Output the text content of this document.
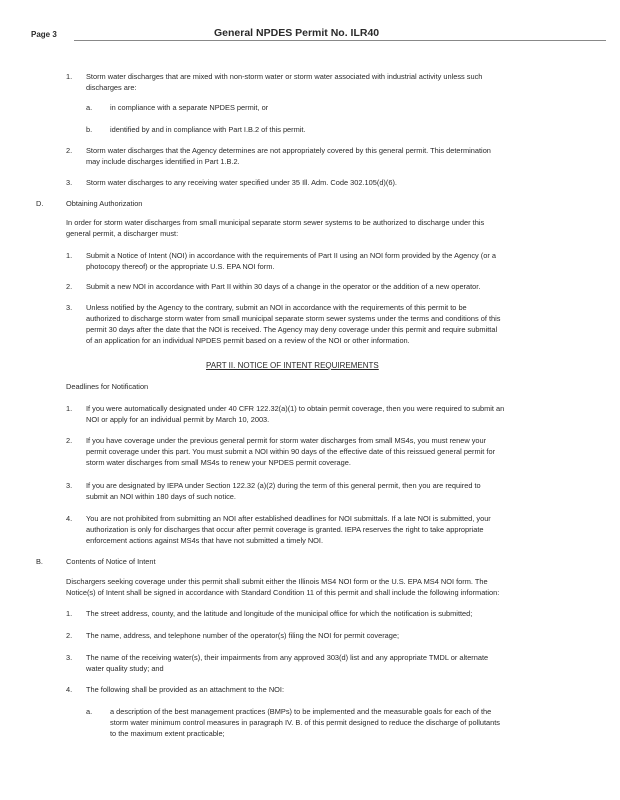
Page 3	General NPDES Permit No. ILR40
1. Storm water discharges that are mixed with non-storm water or storm water associated with industrial activity unless such
discharges are:
a. in compliance with a separate NPDES permit, or
b. identified by and in compliance with Part I.B.2 of this permit.
2. Storm water discharges that the Agency determines are not appropriately covered by this general permit. This determination
may include discharges identified in Part 1.B.2.
3. Storm water discharges to any receiving water specified under 35 Ill. Adm. Code 302.105(d)(6).
D.	Obtaining Authorization
In order for storm water discharges from small municipal separate storm sewer systems to be authorized to discharge under this
general permit, a discharger must:
1. Submit a Notice of Intent (NOI) in accordance with the requirements of Part II using an NOI form provided by the Agency (or a
photocopy thereof) or the appropriate U.S. EPA NOI form.
2. Submit a new NOI in accordance with Part II within 30 days of a change in the operator or the addition of a new operator.
3. Unless notified by the Agency to the contrary, submit an NOI in accordance with the requirements of this permit to be
authorized to discharge storm water from small municipal separate storm sewer systems under the terms and conditions of this
permit 30 days after the date that the NOI is received. The Agency may deny coverage under this permit and require submittal
of an application for an individual NPDES permit based on a review of the NOI or other information.
PART II. NOTICE OF INTENT REQUIREMENTS
Deadlines for Notification
1. If you were automatically designated under 40 CFR 122.32(a)(1) to obtain permit coverage, then you were required to submit an
NOI or apply for an individual permit by March 10, 2003.
2. If you have coverage under the previous general permit for storm water discharges from small MS4s, you must renew your
permit coverage under this part. You must submit a NOI within 90 days of the effective date of this reissued general permit for
storm water discharges from small MS4s to renew your NPDES permit coverage.
3. If you are designated by IEPA under Section 122.32 (a)(2) during the term of this general permit, then you are required to
submit an NOI within 180 days of such notice.
4. You are not prohibited from submitting an NOI after established deadlines for NOI submittals. If a late NOI is submitted, your
authorization is only for discharges that occur after permit coverage is granted. IEPA reserves the right to take appropriate
enforcement actions against MS4s that have not submitted a timely NOI.
B.	Contents of Notice of Intent
Dischargers seeking coverage under this permit shall submit either the Illinois MS4 NOI form or the U.S. EPA MS4 NOI form. The
Notice(s) of Intent shall be signed in accordance with Standard Condition 11 of this permit and shall include the following information:
1. The street address, county, and the latitude and longitude of the municipal office for which the notification is submitted;
2. The name, address, and telephone number of the operator(s) filing the NOI for permit coverage;
3. The name of the receiving water(s), their impairments from any approved 303(d) list and any appropriate TMDL or alternate
water quality study; and
4. The following shall be provided as an attachment to the NOI:
a. a description of the best management practices (BMPs) to be implemented and the measurable goals for each of the
storm water minimum control measures in paragraph IV. B. of this permit designed to reduce the discharge of pollutants
to the maximum extent practicable;
